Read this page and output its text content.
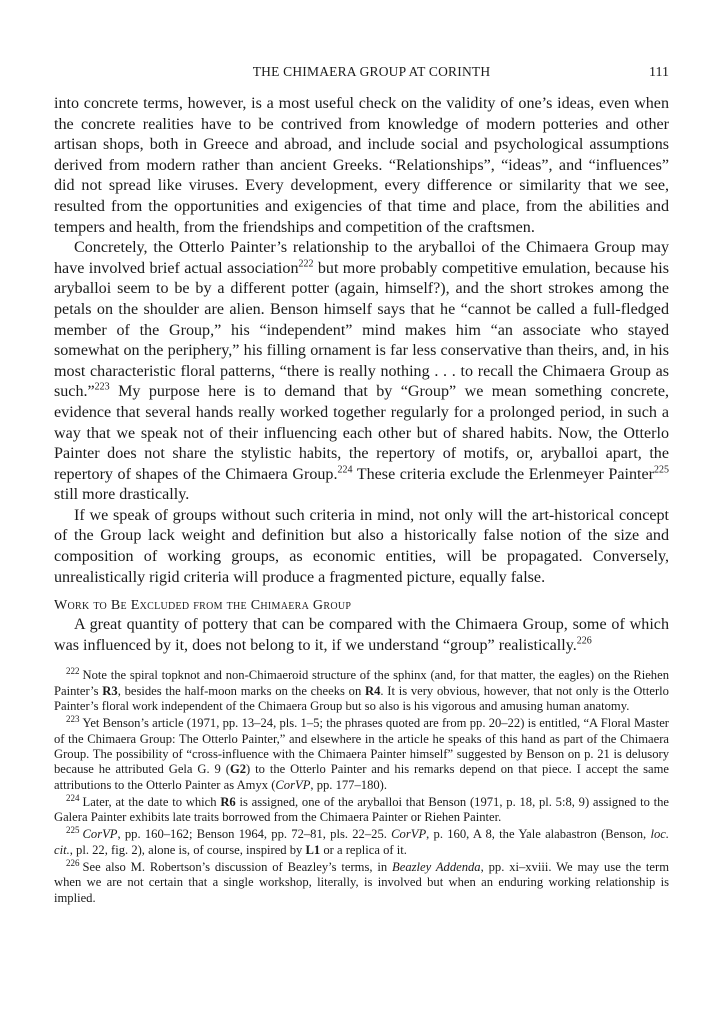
THE CHIMAERA GROUP AT CORINTH	111

into concrete terms, however, is a most useful check on the validity of one’s ideas, even when the concrete realities have to be contrived from knowledge of modern potteries and other artisan shops, both in Greece and abroad, and include social and psychological assumptions derived from modern rather than ancient Greeks. “Relationships”, “ideas”, and “influences” did not spread like viruses. Every development, every difference or similarity that we see, resulted from the opportunities and exigencies of that time and place, from the abilities and tempers and health, from the friendships and competition of the craftsmen.

Concretely, the Otterlo Painter’s relationship to the aryballoi of the Chimaera Group may have involved brief actual association$^{222}$ but more probably competitive emulation, because his aryballoi seem to be by a different potter (again, himself?), and the short strokes among the petals on the shoulder are alien. Benson himself says that he “cannot be called a full-fledged member of the Group,” his “independent” mind makes him “an associate who stayed somewhat on the periphery,” his filling ornament is far less conservative than theirs, and, in his most characteristic floral patterns, “there is really nothing . . . to recall the Chimaera Group as such.”$^{223}$ My purpose here is to demand that by “Group” we mean something concrete, evidence that several hands really worked together regularly for a prolonged period, in such a way that we speak not of their influencing each other but of shared habits. Now, the Otterlo Painter does not share the stylistic habits, the repertory of motifs, or, aryballoi apart, the repertory of shapes of the Chimaera Group.$^{224}$ These criteria exclude the Erlenmeyer Painter$^{225}$ still more drastically.

If we speak of groups without such criteria in mind, not only will the art-historical concept of the Group lack weight and definition but also a historically false notion of the size and composition of working groups, as economic entities, will be propagated. Conversely, unrealistically rigid criteria will produce a fragmented picture, equally false.

Work to Be Excluded from the Chimaera Group

A great quantity of pottery that can be compared with the Chimaera Group, some of which was influenced by it, does not belong to it, if we understand “group” realistically.$^{226}$

$^{222}$ Note the spiral topknot and non-Chimaeroid structure of the sphinx (and, for that matter, the eagles) on the Riehen Painter’s R3, besides the half-moon marks on the cheeks on R4. It is very obvious, however, that not only is the Otterlo Painter’s floral work independent of the Chimaera Group but so also is his vigorous and amusing human anatomy.

$^{223}$ Yet Benson’s article (1971, pp. 13–24, pls. 1–5; the phrases quoted are from pp. 20–22) is entitled, “A Floral Master of the Chimaera Group: The Otterlo Painter,” and elsewhere in the article he speaks of this hand as part of the Chimaera Group. The possibility of “cross-influence with the Chimaera Painter himself” suggested by Benson on p. 21 is delusory because he attributed Gela G. 9 (G2) to the Otterlo Painter and his remarks depend on that piece. I accept the same attributions to the Otterlo Painter as Amyx (CorVP, pp. 177–180).

$^{224}$ Later, at the date to which R6 is assigned, one of the aryballoi that Benson (1971, p. 18, pl. 5:8, 9) assigned to the Galera Painter exhibits late traits borrowed from the Chimaera Painter or Riehen Painter.

$^{225}$ CorVP, pp. 160–162; Benson 1964, pp. 72–81, pls. 22–25. CorVP, p. 160, A 8, the Yale alabastron (Benson, loc. cit., pl. 22, fig. 2), alone is, of course, inspired by L1 or a replica of it.

$^{226}$ See also M. Robertson’s discussion of Beazley’s terms, in Beazley Addenda, pp. xi–xviii. We may use the term when we are not certain that a single workshop, literally, is involved but when an enduring working relationship is implied.
